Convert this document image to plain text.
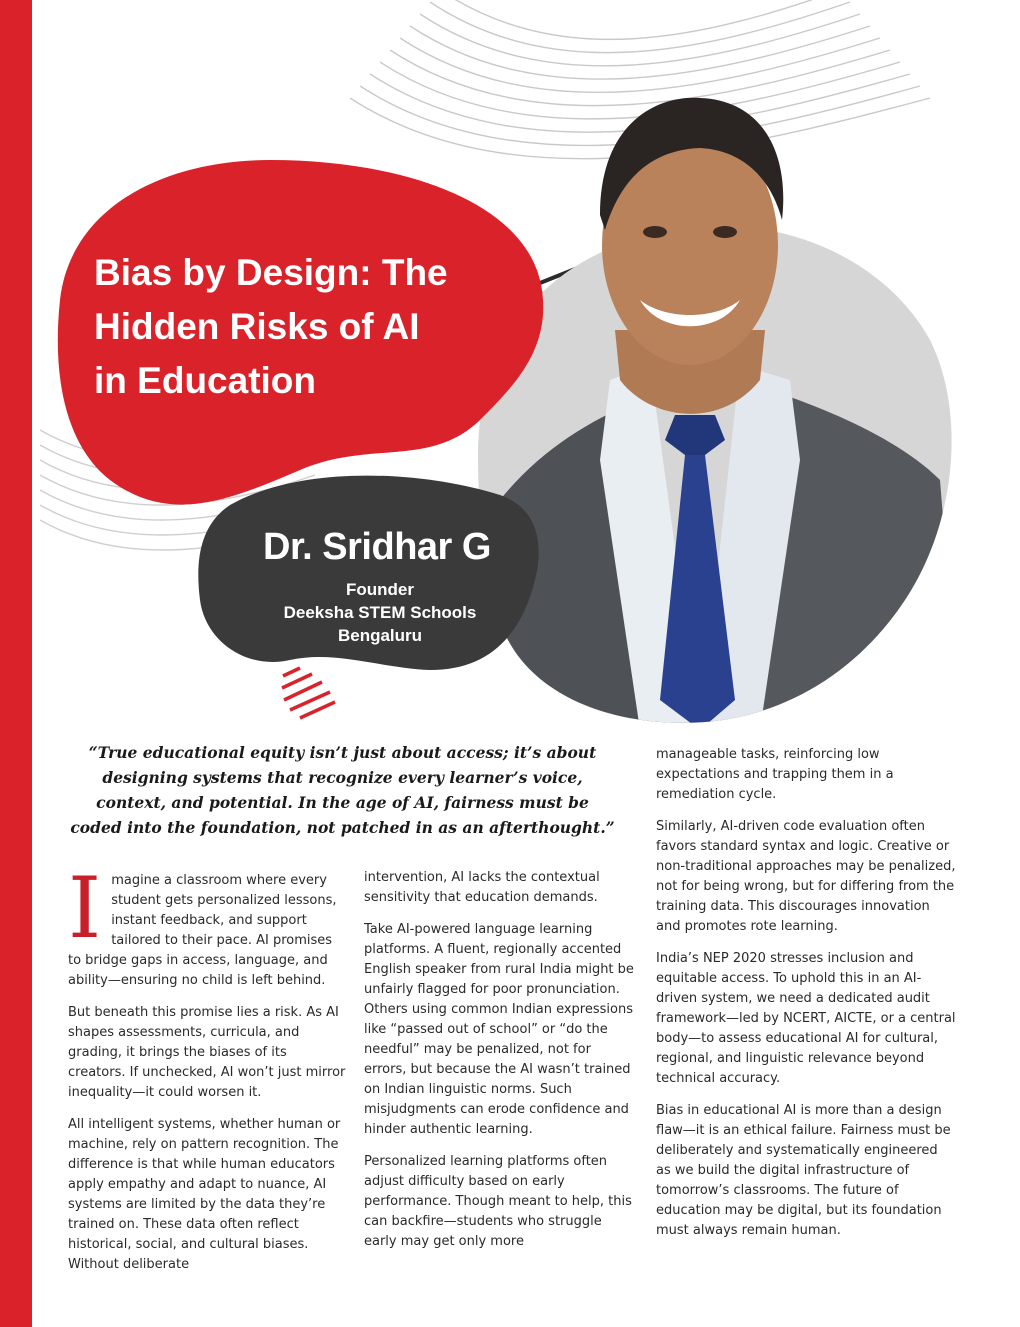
Bias by Design: The
Hidden Risks of AI
in Education
Dr. Sridhar G
Founder
Deeksha STEM Schools
Bengaluru

“True educational equity isn’t just about access; it’s about designing systems that recognize every learner’s voice, context, and potential. In the age of AI, fairness must be coded into the foundation, not patched in as an afterthought.”

Imagine a classroom where every student gets personalized lessons, instant feedback, and support tailored to their pace. AI promises to bridge gaps in access, language, and ability—ensuring no child is left behind.

But beneath this promise lies a risk. As AI shapes assessments, curricula, and grading, it brings the biases of its creators. If unchecked, AI won’t just mirror inequality—it could worsen it.

All intelligent systems, whether human or machine, rely on pattern recognition. The difference is that while human educators apply empathy and adapt to nuance, AI systems are limited by the data they’re trained on. These data often reflect historical, social, and cultural biases. Without deliberate

intervention, AI lacks the contextual sensitivity that education demands.

Take AI-powered language learning platforms. A fluent, regionally accented English speaker from rural India might be unfairly flagged for poor pronunciation. Others using common Indian expressions like “passed out of school” or “do the needful” may be penalized, not for errors, but because the AI wasn’t trained on Indian linguistic norms. Such misjudgments can erode confidence and hinder authentic learning.

Personalized learning platforms often adjust difficulty based on early performance. Though meant to help, this can backfire—students who struggle early may get only more

manageable tasks, reinforcing low expectations and trapping them in a remediation cycle.

Similarly, AI-driven code evaluation often favors standard syntax and logic. Creative or non-traditional approaches may be penalized, not for being wrong, but for differing from the training data. This discourages innovation and promotes rote learning.

India’s NEP 2020 stresses inclusion and equitable access. To uphold this in an AI-driven system, we need a dedicated audit framework—led by NCERT, AICTE, or a central body—to assess educational AI for cultural, regional, and linguistic relevance beyond technical accuracy.

Bias in educational AI is more than a design flaw—it is an ethical failure. Fairness must be deliberately and systematically engineered as we build the digital infrastructure of tomorrow’s classrooms. The future of education may be digital, but its foundation must always remain human.
